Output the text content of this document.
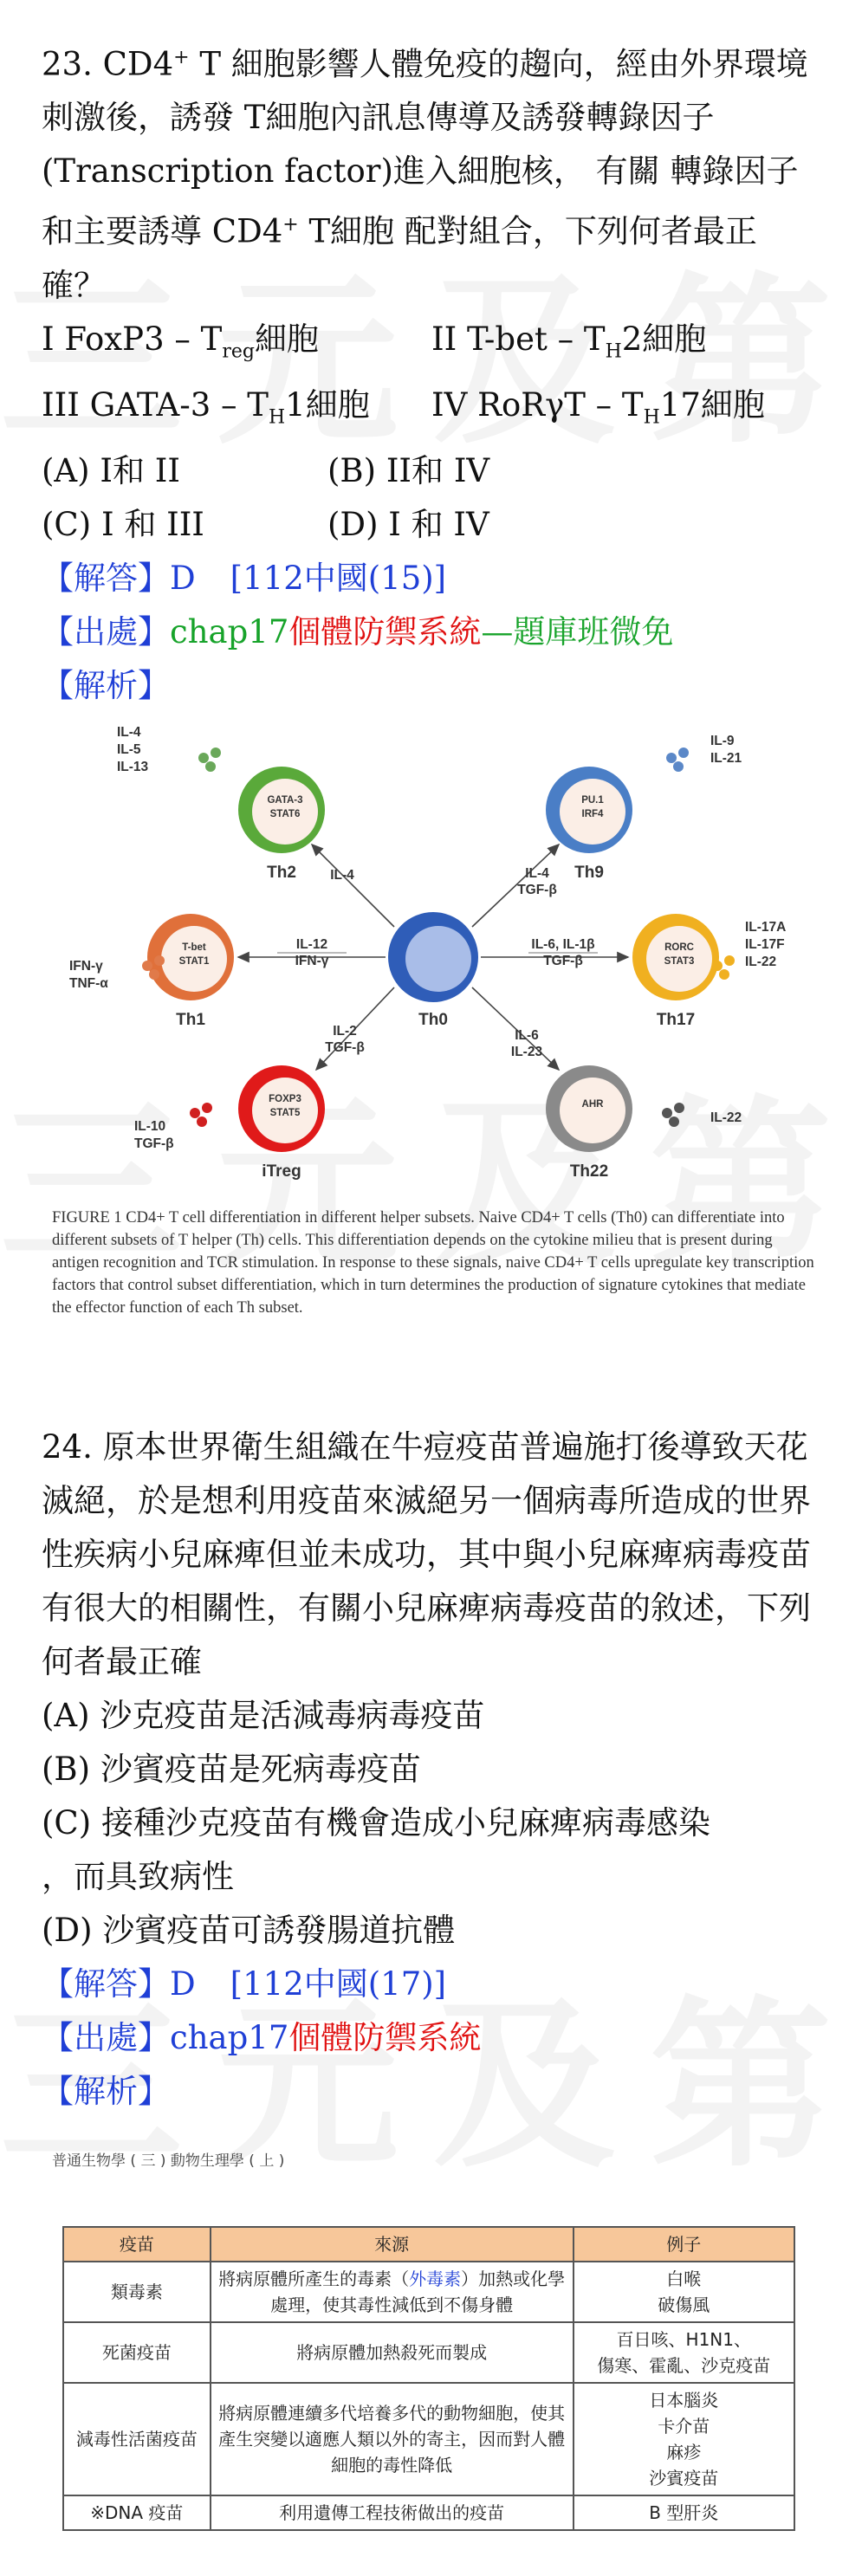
23. CD4+ T 細胞影響人體免疫的趨向，經由外界環境刺激後，誘發 T細胞內訊息傳導及誘發轉錄因子 (Transcription factor)進入細胞核， 有關 轉錄因子和主要誘導 CD4+ T細胞 配對組合，下列何者最正確？

I FoxP3 – $T_{reg}$細胞	II $T-bet - T_H2$細胞
III GATA-3 – $T_H1$細胞	IV RoRγT – $T_H17$細胞
(A) I和 II	(B) II和 IV
(C) I 和 III	(D) I 和 IV

【解答】D [112中國(15)]

【出處】chap17個體防禦系統—題庫班微免

【解析】

Th0
GATA-3
STAT6
Th2
IL-4
IL-5
IL-13
IL-4
PU.1
IRF4
Th9
IL-9
IL-21
IL-4
TGF-β
T-bet
STAT1
Th1
IFN-γ
TNF-α
IL-12
IFN-γ
RORC
STAT3
Th17
IL-17A
IL-17F
IL-22
IL-6, IL-1β
TGF-β
FOXP3
STAT5
iTreg
IL-10
TGF-β
IL-2
TGF-β
AHR
Th22
IL-22
IL-6
IL-23
FIGURE 1 CD4+ T cell differentiation in different helper subsets. Naive CD4+ T cells (Th0) can differentiate into different subsets of T helper (Th) cells. This differentiation depends on the cytokine milieu that is present during antigen recognition and TCR stimulation. In response to these signals, naive CD4+ T cells upregulate key transcription factors that control subset differentiation, which in turn determines the production of signature cytokines that mediate the effector function of each Th subset.

24. 原本世界衛生組織在牛痘疫苗普遍施打後導致天花滅絕，於是想利用疫苗來滅絕另一個病毒所造成的世界性疾病小兒麻痺但並未成功，其中與小兒麻痺病毒疫苗有很大的相關性，有關小兒麻痺病毒疫苗的敘述，下列何者最正確

(A) 沙克疫苗是活減毒病毒疫苗

(B) 沙賓疫苗是死病毒疫苗

(C) 接種沙克疫苗有機會造成小兒麻痺病毒感染

，而具致病性

(D) 沙賓疫苗可誘發腸道抗體

【解答】D [112中國(17)]

【出處】chap17個體防禦系統

【解析】

普通生物學 ( 三 ) 動物生理學 ( 上 )
疫苗	來源	例子
類毒素	將病原體所產生的毒素（外毒素）加熱或化學處理，使其毒性減低到不傷身體	白喉
破傷風

死菌疫苗	將病原體加熱殺死而製成	百日咳、H1N1、
傷寒、霍亂、沙克疫苗

減毒性活菌疫苗	將病原體連續多代培養多代的動物細胞，使其產生突變以適應人類以外的寄主，因而對人體細胞的毒性降低	日本腦炎
卡介苗
麻疹
沙賓疫苗

※DNA 疫苗	利用遺傳工程技術做出的疫苗	B 型肝炎
